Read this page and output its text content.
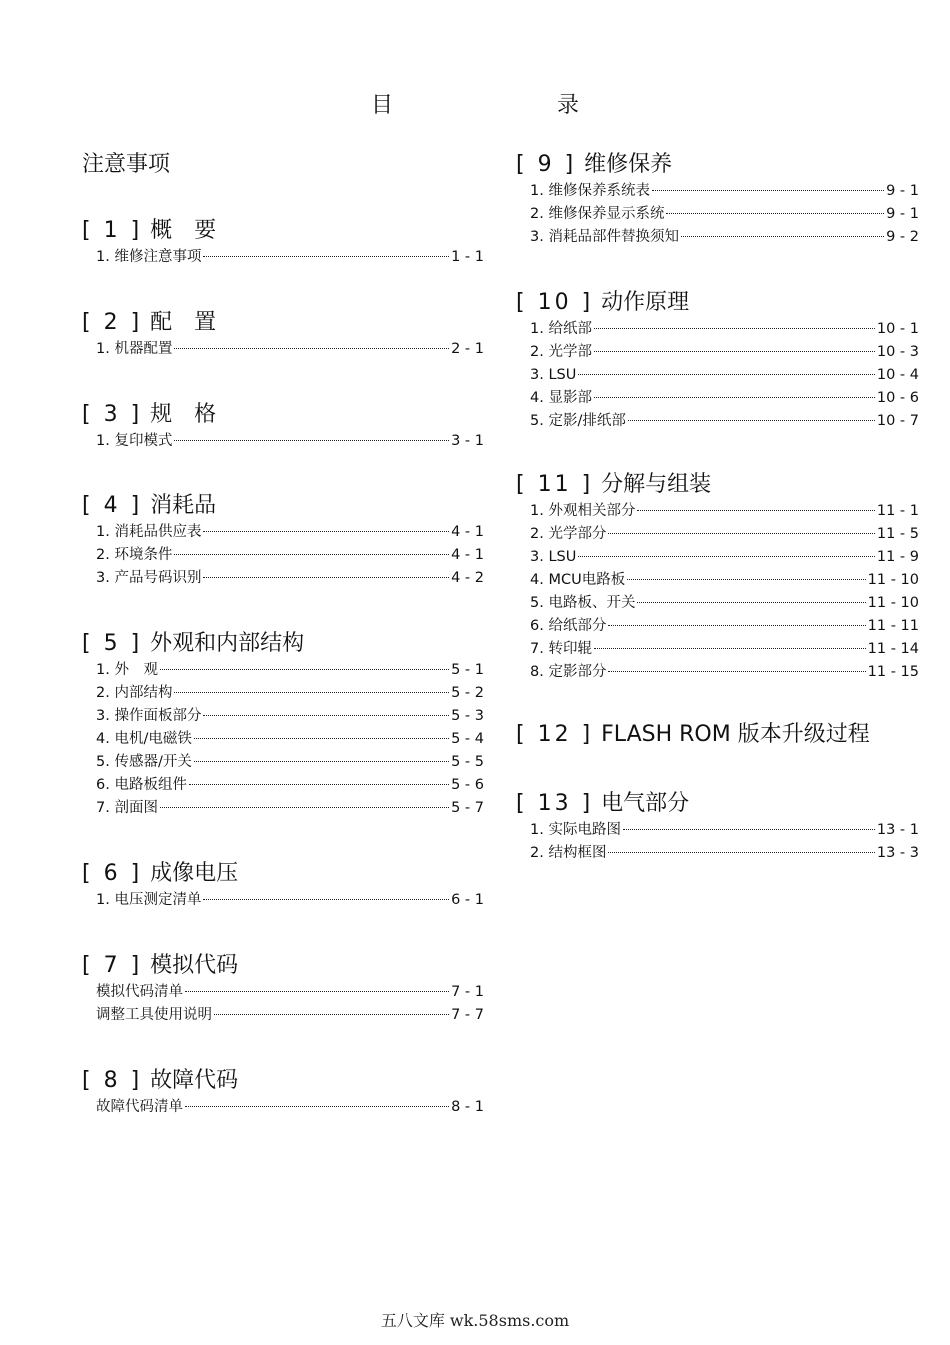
目　　录
注意事项
[ 1 ] 概　要
1. 维修注意事项	1 - 1
[ 2 ] 配　置
1. 机器配置	2 - 1
[ 3 ] 规　格
1. 复印模式	3 - 1
[ 4 ] 消耗品
1. 消耗品供应表	4 - 1
2. 环境条件	4 - 1
3. 产品号码识别	4 - 2
[ 5 ] 外观和内部结构
1. 外　观	5 - 1
2. 内部结构	5 - 2
3. 操作面板部分	5 - 3
4. 电机/电磁铁	5 - 4
5. 传感器/开关	5 - 5
6. 电路板组件	5 - 6
7. 剖面图	5 - 7
[ 6 ] 成像电压
1. 电压测定清单	6 - 1
[ 7 ] 模拟代码
模拟代码清单	7 - 1
调整工具使用说明	7 - 7
[ 8 ] 故障代码
故障代码清单	8 - 1
[ 9 ] 维修保养
1. 维修保养系统表	9 - 1
2. 维修保养显示系统	9 - 1
3. 消耗品部件替换须知	9 - 2
[ 10 ] 动作原理
1. 给纸部	10 - 1
2. 光学部	10 - 3
3. LSU	10 - 4
4. 显影部	10 - 6
5. 定影/排纸部	10 - 7
[ 11 ] 分解与组装
1. 外观相关部分	11 - 1
2. 光学部分	11 - 5
3. LSU	11 - 9
4. MCU电路板	11 - 10
5. 电路板、开关	11 - 10
6. 给纸部分	11 - 11
7. 转印辊	11 - 14
8. 定影部分	11 - 15
[ 12 ] FLASH ROM 版本升级过程
[ 13 ] 电气部分
1. 实际电路图	13 - 1
2. 结构框图	13 - 3
五八文库 wk.58sms.com
